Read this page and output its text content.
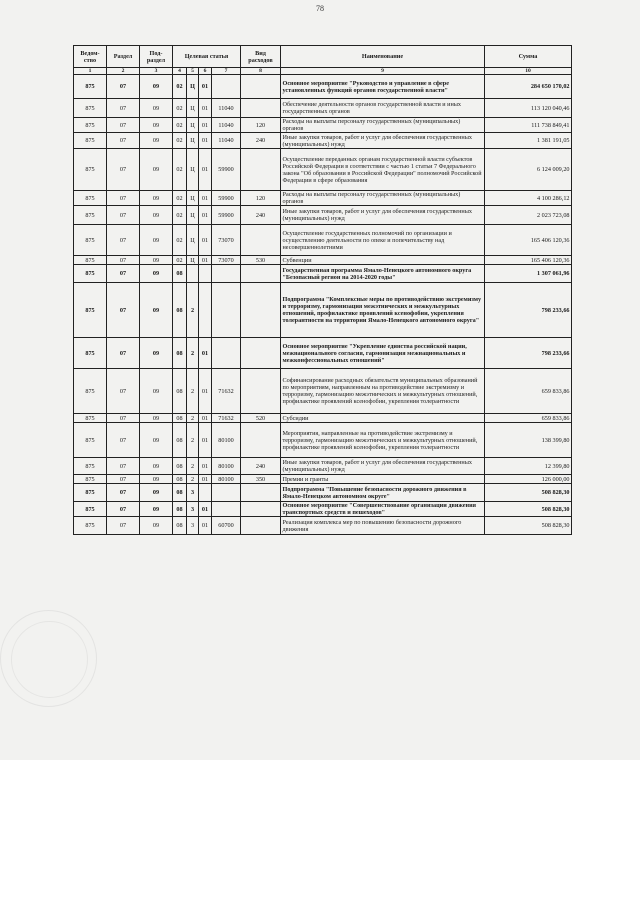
78
Ведом-ство	Раздел	Под-раздел	Целевая статья				Вид расходов	Наименование	Сумма
1	2	3	4	5	6	7	8	9	10
875	07	09	02	Ц	01			Основное мероприятие "Руководство и управление в сфере установленных функций органов государственной власти"	284 650 170,02
875	07	09	02	Ц	01	11040		Обеспечение деятельности органов государственной власти и иных государственных органов	113 120 040,46
875	07	09	02	Ц	01	11040	120	Расходы на выплаты персоналу государственных (муниципальных) органов	111 738 849,41
875	07	09	02	Ц	01	11040	240	Иные закупки товаров, работ и услуг для обеспечения государственных (муниципальных) нужд	1 381 191,05
875	07	09	02	Ц	01	59900		Осуществление переданных органам государственной власти субъектов Российской Федерации в соответствии с частью 1 статьи 7 Федерального закона "Об образовании в Российской Федерации" полномочий Российской Федерации в сфере образования	6 124 009,20
875	07	09	02	Ц	01	59900	120	Расходы на выплаты персоналу государственных (муниципальных) органов	4 100 286,12
875	07	09	02	Ц	01	59900	240	Иные закупки товаров, работ и услуг для обеспечения государственных (муниципальных) нужд	2 023 723,08
875	07	09	02	Ц	01	73070		Осуществление государственных полномочий по организации и осуществлению деятельности по опеке и попечительству над несовершеннолетними	165 406 120,36
875	07	09	02	Ц	01	73070	530	Субвенции	165 406 120,36
875	07	09	08					Государственная программа Ямало-Ненецкого автономного округа "Безопасный регион на 2014-2020 годы"	1 307 061,96
875	07	09	08	2				Подпрограмма "Комплексные меры по противодействию экстремизму и терроризму, гармонизация межэтнических и межкультурных отношений, профилактике проявлений ксенофобии, укрепления толерантности на территории Ямало-Ненецкого автономного округа"	798 233,66
875	07	09	08	2	01			Основное мероприятие "Укрепление единства российской нации, межнационального согласия, гармонизация межнациональных и межконфессиональных отношений"	798 233,66
875	07	09	08	2	01	71632		Софинансирование расходных обязательств муниципальных образований по мероприятиям, направленным на противодействие экстремизму и терроризму, гармонизацию межэтнических и межкультурных отношений, профилактике проявлений ксенофобии, укрепления толерантности	659 833,86
875	07	09	08	2	01	71632	520	Субсидии	659 833,86
875	07	09	08	2	01	80100		Мероприятия, направленные на противодействие экстремизму и терроризму, гармонизацию межэтнических и межкультурных отношений, профилактике проявлений ксенофобии, укрепления толерантности	138 399,80
875	07	09	08	2	01	80100	240	Иные закупки товаров, работ и услуг для обеспечения государственных (муниципальных) нужд	12 399,80
875	07	09	08	2	01	80100	350	Премии и гранты	126 000,00
875	07	09	08	3				Подпрограмма "Повышение безопасности дорожного движения в Ямало-Ненецком автономном округе"	508 828,30
875	07	09	08	3	01			Основное мероприятие "Совершенствование организации движения транспортных средств и пешеходов"	508 828,30
875	07	09	08	3	01	60700		Реализация комплекса мер по повышению безопасности дорожного движения	508 828,30
